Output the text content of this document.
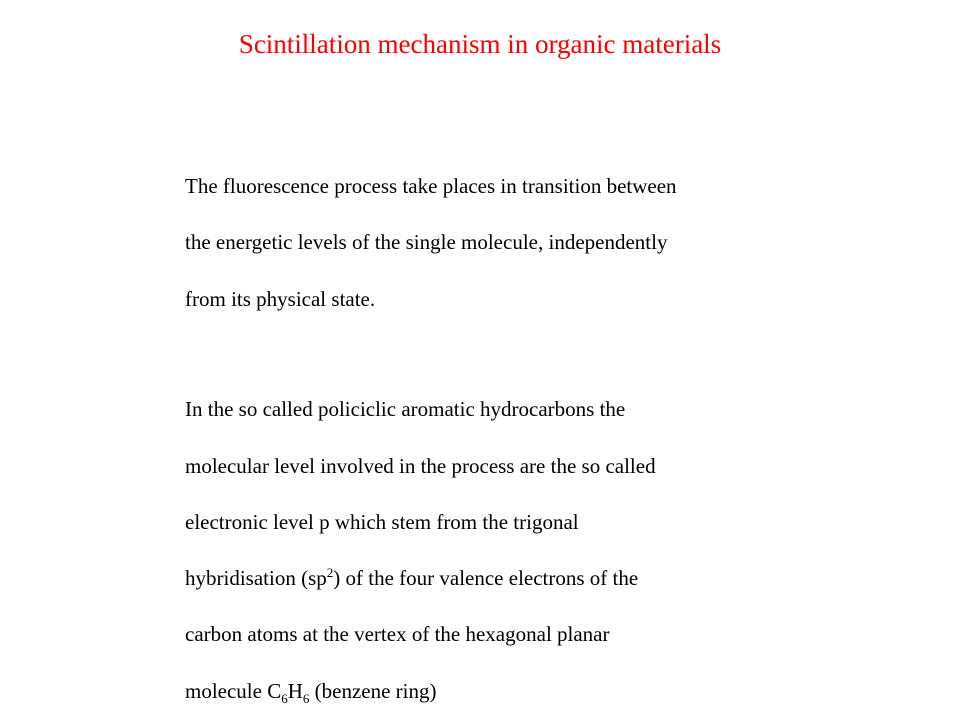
Scintillation mechanism in organic materials
The fluorescence process take places in transition between
the energetic levels of the single molecule, independently
from its physical state.
In the so called policiclic aromatic hydrocarbons the
molecular level involved in the process are the so called
electronic level p which stem from the trigonal
hybridisation $(sp^2)$ of the four valence electrons of the
carbon atoms at the vertex of the hexagonal planar
molecule $C_6H_6$ (benzene ring)
